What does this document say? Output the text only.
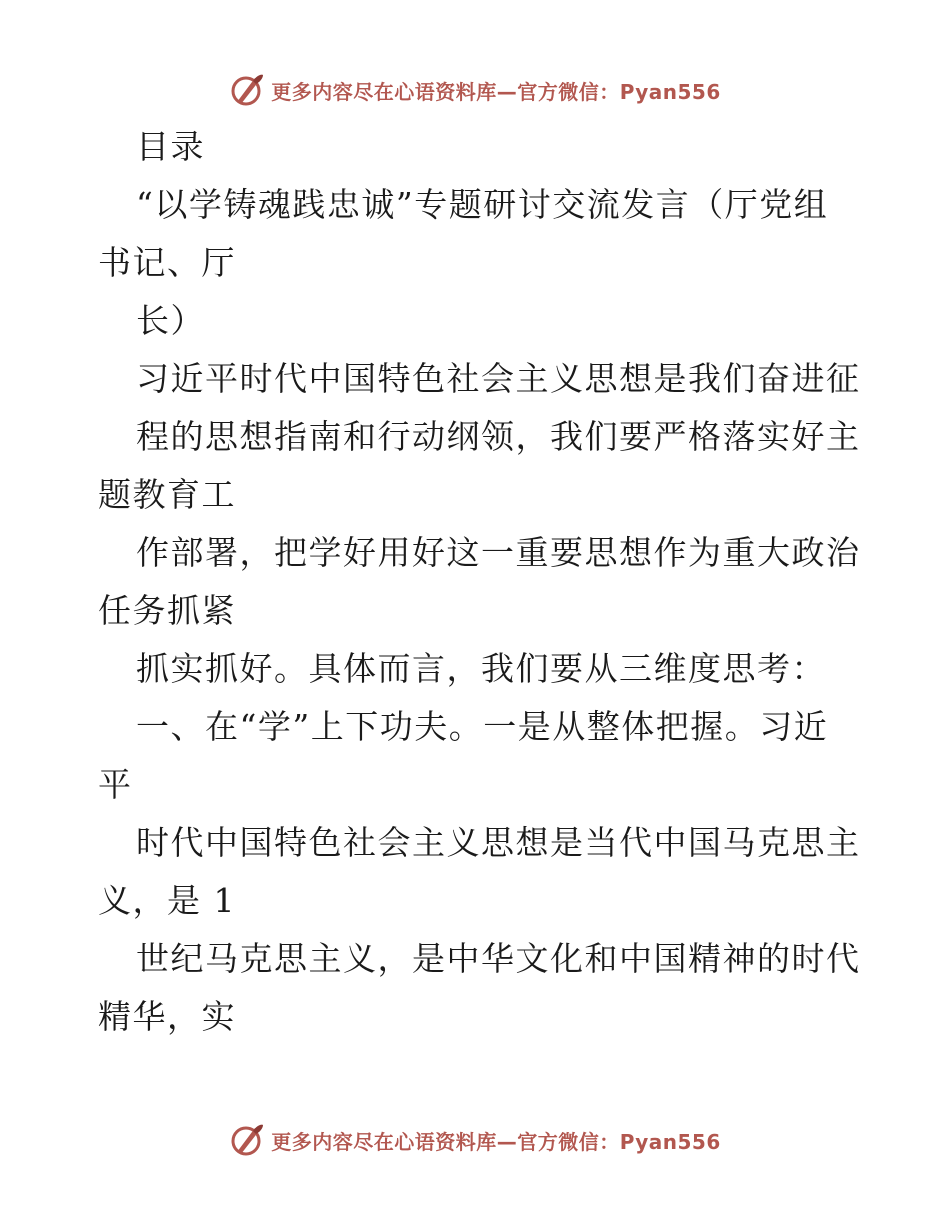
更多内容尽在心语资料库—官方微信：Pyan556
目录
“以学铸魂践忠诚”专题研讨交流发言（厅党组
书记、厅
长）
习近平时代中国特色社会主义思想是我们奋进征
程的思想指南和行动纲领，我们要严格落实好主
题教育工
作部署，把学好用好这一重要思想作为重大政治
任务抓紧
抓实抓好。具体而言，我们要从三维度思考：
一、在“学”上下功夫。一是从整体把握。习近
平
时代中国特色社会主义思想是当代中国马克思主
义，是 1
世纪马克思主义，是中华文化和中国精神的时代
精华，实
更多内容尽在心语资料库—官方微信：Pyan556
